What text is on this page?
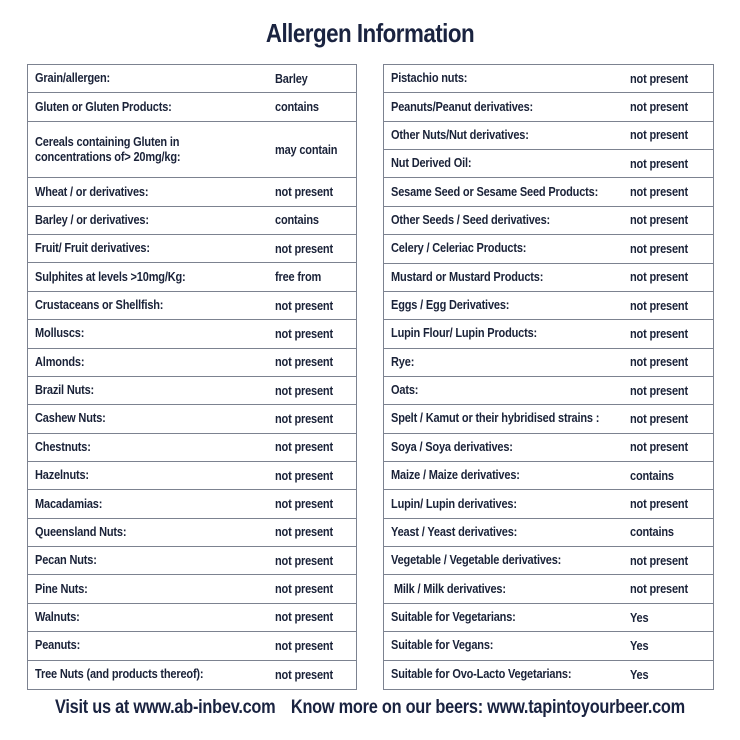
Allergen Information
Grain/allergen:	Barley
Gluten or Gluten Products:	contains
Cereals containing Gluten in
concentrations of> 20mg/kg:	may contain
Wheat / or derivatives:	not present
Barley / or derivatives:	contains
Fruit/ Fruit derivatives:	not present
Sulphites at levels >10mg/Kg:	free from
Crustaceans or Shellfish:	not present
Molluscs:	not present
Almonds:	not present
Brazil Nuts:	not present
Cashew Nuts:	not present
Chestnuts:	not present
Hazelnuts:	not present
Macadamias:	not present
Queensland Nuts:	not present
Pecan Nuts:	not present
Pine Nuts:	not present
Walnuts:	not present
Peanuts:	not present
Tree Nuts (and products thereof):	not present
Pistachio nuts:	not present
Peanuts/Peanut derivatives:	not present
Other Nuts/Nut derivatives:	not present
Nut Derived Oil:	not present
Sesame Seed or Sesame Seed Products:	not present
Other Seeds / Seed derivatives:	not present
Celery / Celeriac Products:	not present
Mustard or Mustard Products:	not present
Eggs / Egg Derivatives:	not present
Lupin Flour/ Lupin Products:	not present
Rye:	not present
Oats:	not present
Spelt / Kamut or their hybridised strains : not present
Soya / Soya derivatives:	not present
Maize / Maize derivatives:	contains
Lupin/ Lupin derivatives:	not present
Yeast / Yeast derivatives:	contains
Vegetable / Vegetable derivatives:	not present
Milk / Milk derivatives:	not present
Suitable for Vegetarians:	Yes
Suitable for Vegans:	Yes
Suitable for Ovo-Lacto Vegetarians:	Yes
Visit us at www.ab-inbev.com Know more on our beers: www.tapintoyourbeer.com
